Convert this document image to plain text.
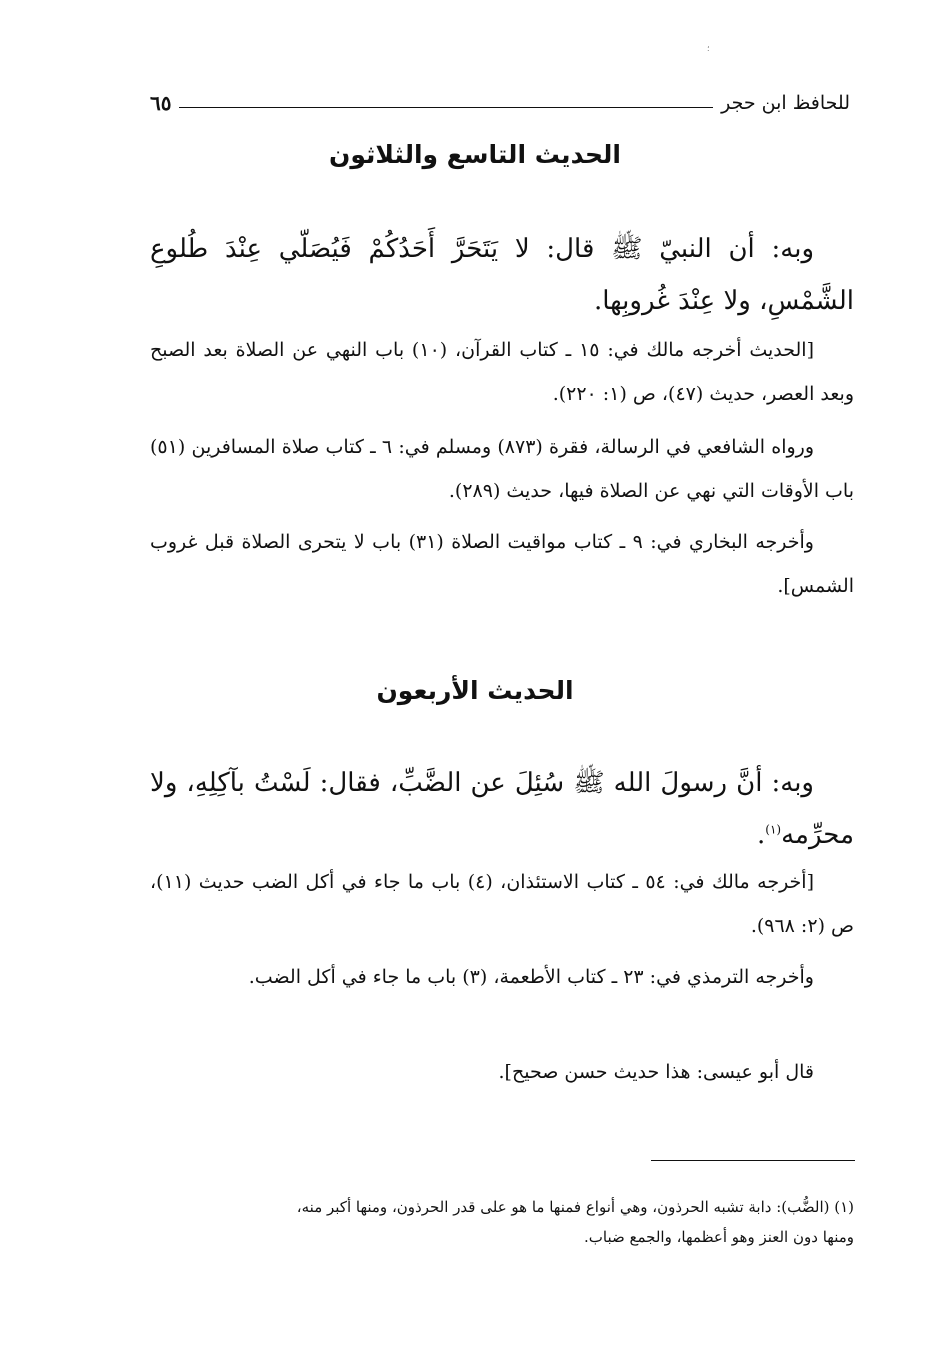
؛
للحافظ ابن حجر
٦٥
الحديث التاسع والثلاثون
وبه: أن النبيّ ﷺ قال: لا يَتَحَرَّ أَحَدُكُمْ فَيُصَلّي عِنْدَ طُلوعِ الشَّمْسِ، ولا عِنْدَ غُروبِها.
[الحديث أخرجه مالك في: ١٥ ـ كتاب القرآن، (١٠) باب النهي عن الصلاة بعد الصبح وبعد العصر، حديث (٤٧)، ص (١: ٢٢٠).
ورواه الشافعي في الرسالة، فقرة (٨٧٣) ومسلم في: ٦ ـ كتاب صلاة المسافرين (٥١) باب الأوقات التي نهي عن الصلاة فيها، حديث (٢٨٩).
وأخرجه البخاري في: ٩ ـ كتاب مواقيت الصلاة (٣١) باب لا يتحرى الصلاة قبل غروب الشمس].
الحديث الأربعون
وبه: أنَّ رسولَ الله ﷺ سُئِلَ عن الضَّبِّ، فقال: لَسْتُ بآكِلِهِ، ولا محرِّمه$^{(١)}$.
[أخرجه مالك في: ٥٤ ـ كتاب الاستئذان، (٤) باب ما جاء في أكل الضب حديث (١١)، ص (٢: ٩٦٨).
وأخرجه الترمذي في: ٢٣ ـ كتاب الأطعمة، (٣) باب ما جاء في أكل الضب.
قال أبو عيسى: هذا حديث حسن صحيح].
(١) (الضُّب): دابة تشبه الحرذون، وهي أنواع فمنها ما هو على قدر الحرذون، ومنها أكبر منه،
ومنها دون العنز وهو أعظمها، والجمع ضباب.
